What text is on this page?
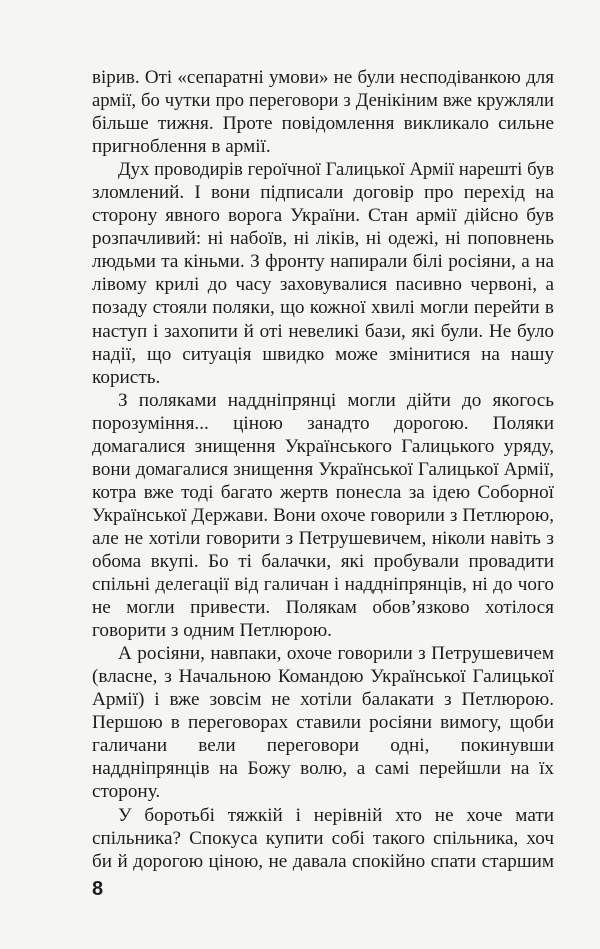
вірив. Оті «сепаратні умови» не були несподіванкою для
армії, бо чутки про переговори з Денікіним вже кружляли
більше тижня. Проте повідомлення викликало сильне
пригноблення в армії.
Дух проводирів героїчної Галицької Армії нарешті був
зломлений. І вони підписали договір про перехід на
сторону явного ворога України. Стан армії дійсно був
розпачливий: ні набоїв, ні ліків, ні одежі, ні поповнень
людьми та кіньми. З фронту напирали білі росіяни, а на
лівому крилі до часу заховувалися пасивно червоні, а
позаду стояли поляки, що кожної хвилі могли перейти в
наступ і захопити й оті невеликі бази, які були. Не було
надії, що ситуація швидко може змінитися на нашу
користь.
З поляками наддніпрянці могли дійти до якогось
порозуміння... ціною занадто дорогою. Поляки
домагалися знищення Українського Галицького уряду,
вони домагалися знищення Української Галицької Армії,
котра вже тоді багато жертв понесла за ідею Соборної
Української Держави. Вони охоче говорили з Петлюрою,
але не хотіли говорити з Петрушевичем, ніколи навіть з
обома вкупі. Бо ті балачки, які пробували провадити
спільні делегації від галичан і наддніпрянців, ні до чого
не могли привести. Полякам обов’язково хотілося
говорити з одним Петлюрою.
А росіяни, навпаки, охоче говорили з Петрушевичем
(власне, з Начальною Командою Української Галицької
Армії) і вже зовсім не хотіли балакати з Петлюрою.
Першою в переговорах ставили росіяни вимогу, щоби
галичани вели переговори одні, покинувши
наддніпрянців на Божу волю, а самі перейшли на їх
сторону.
У боротьбі тяжкій і нерівній хто не хоче мати
спільника? Спокуса купити собі такого спільника, хоч
би й дорогою ціною, не давала спокійно спати старшим
8
